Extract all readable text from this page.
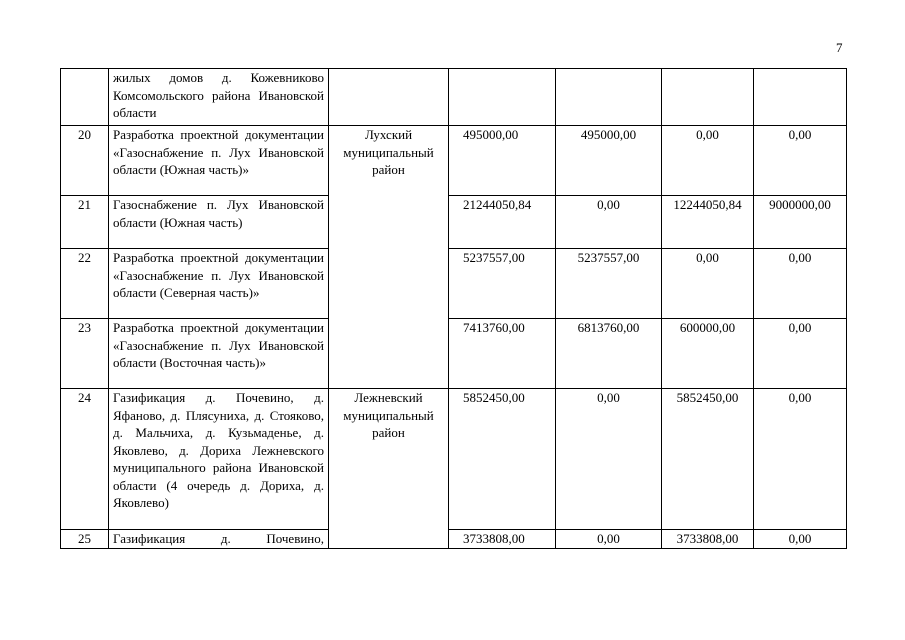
7
	жилых домов д. Кожевниково Комсомольского района Ивановской области					
20	Разработка проектной документации «Газоснабжение п. Лух Ивановской области (Южная часть)»	Лухский муниципальный район	495000,00	495000,00	0,00	0,00
21	Газоснабжение п. Лух Ивановской области (Южная часть)		21244050,84	0,00	12244050,84	9000000,00
22	Разработка проектной документации «Газоснабжение п. Лух Ивановской области (Северная часть)»		5237557,00	5237557,00	0,00	0,00
23	Разработка проектной документации «Газоснабжение п. Лух Ивановской области (Восточная часть)»		7413760,00	6813760,00	600000,00	0,00
24	Газификация д. Почевино, д. Яфаново, д. Плясуниха, д. Стояково, д. Мальчиха, д. Кузьмаденье, д. Яковлево, д. Дориха Лежневского муниципального района Ивановской области (4 очередь д. Дориха, д. Яковлево)	Лежневский муниципальный район	5852450,00	0,00	5852450,00	0,00
25	Газификация д. Почевино,		3733808,00	0,00	3733808,00	0,00
